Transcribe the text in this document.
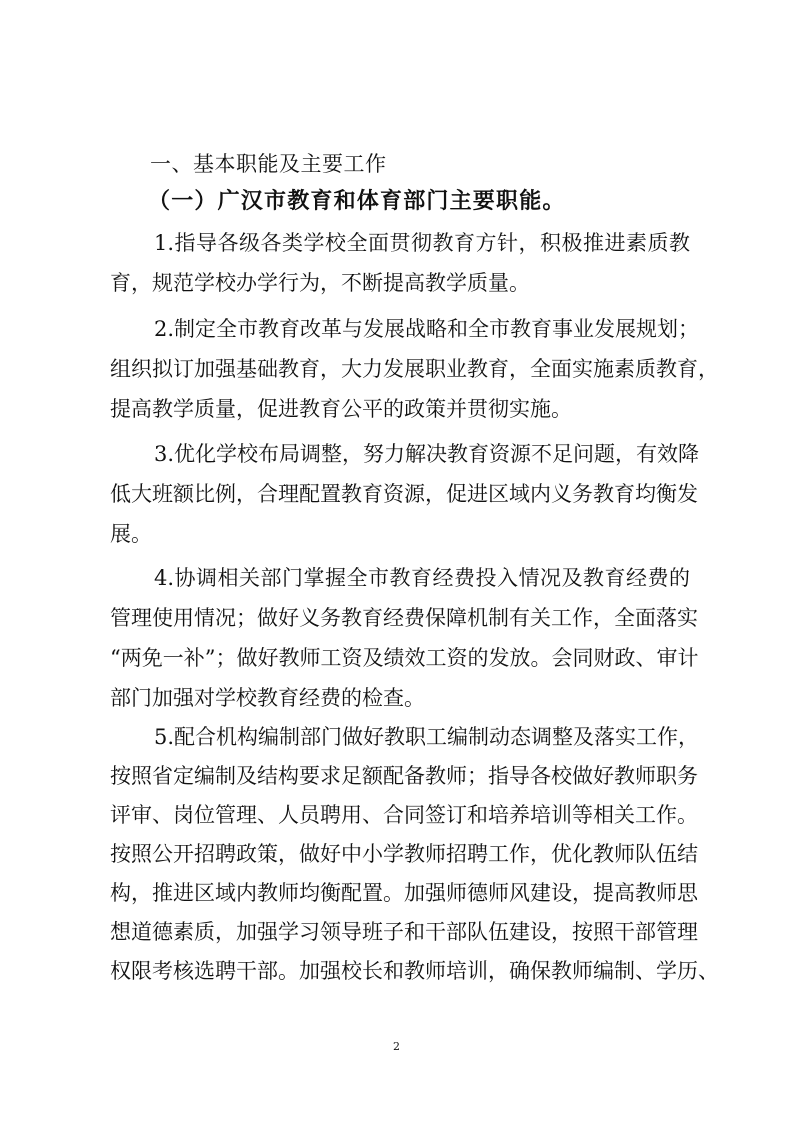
一、基本职能及主要工作
（一）广汉市教育和体育部门主要职能。
1.指导各级各类学校全面贯彻教育方针，积极推进素质教
育，规范学校办学行为，不断提高教学质量。
2.制定全市教育改革与发展战略和全市教育事业发展规划；
组织拟订加强基础教育，大力发展职业教育，全面实施素质教育，
提高教学质量，促进教育公平的政策并贯彻实施。
3.优化学校布局调整，努力解决教育资源不足问题，有效降
低大班额比例，合理配置教育资源，促进区域内义务教育均衡发
展。
4.协调相关部门掌握全市教育经费投入情况及教育经费的
管理使用情况；做好义务教育经费保障机制有关工作，全面落实
“两免一补”；做好教师工资及绩效工资的发放。会同财政、审计
部门加强对学校教育经费的检查。
5.配合机构编制部门做好教职工编制动态调整及落实工作，
按照省定编制及结构要求足额配备教师；指导各校做好教师职务
评审、岗位管理、人员聘用、合同签订和培养培训等相关工作。
按照公开招聘政策，做好中小学教师招聘工作，优化教师队伍结
构，推进区域内教师均衡配置。加强师德师风建设，提高教师思
想道德素质，加强学习领导班子和干部队伍建设，按照干部管理
权限考核选聘干部。加强校长和教师培训，确保教师编制、学历、
2
